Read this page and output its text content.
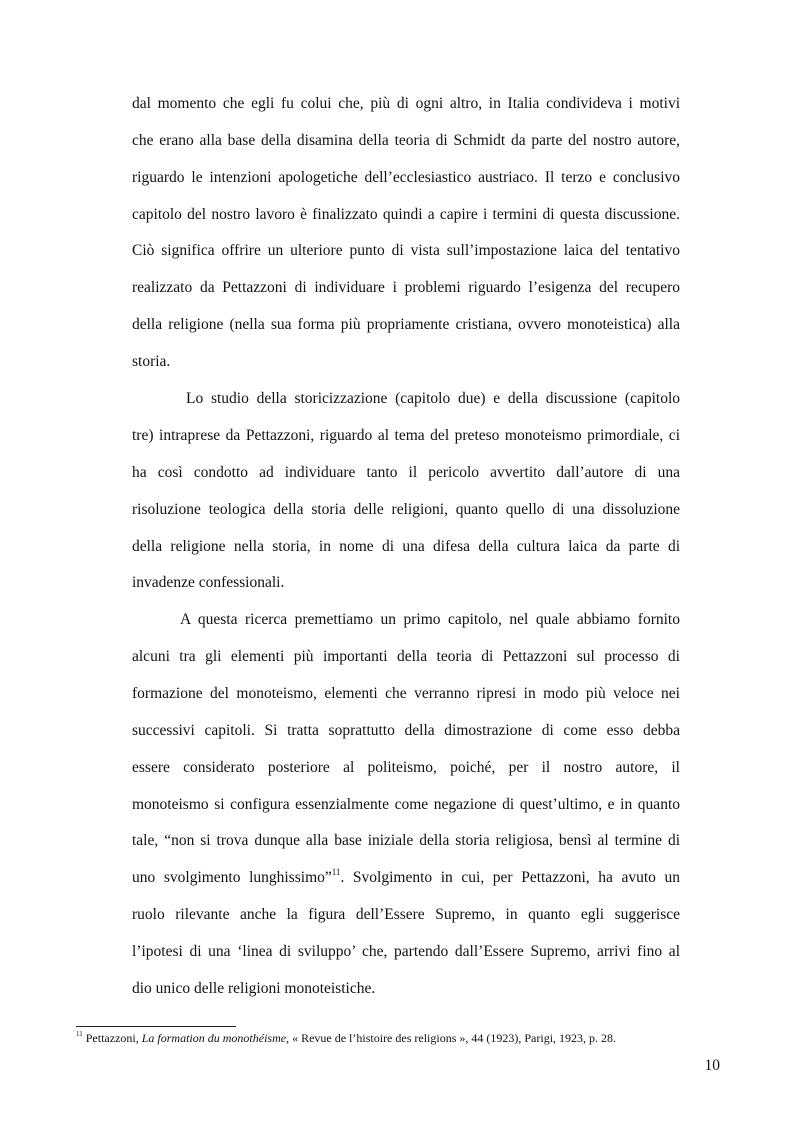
dal momento che egli fu colui che, più di ogni altro, in Italia condivideva i motivi
che erano alla base della disamina della teoria di Schmidt da parte del nostro autore,
riguardo le intenzioni apologetiche dell’ecclesiastico austriaco. Il terzo e conclusivo
capitolo del nostro lavoro è finalizzato quindi a capire i termini di questa discussione.
Ciò significa offrire un ulteriore punto di vista sull’impostazione laica del tentativo
realizzato da Pettazzoni di individuare i problemi riguardo l’esigenza del recupero
della religione (nella sua forma più propriamente cristiana, ovvero monoteistica) alla
storia.
Lo studio della storicizzazione (capitolo due) e della discussione (capitolo
tre) intraprese da Pettazzoni, riguardo al tema del preteso monoteismo primordiale, ci
ha così condotto ad individuare tanto il pericolo avvertito dall’autore di una
risoluzione teologica della storia delle religioni, quanto quello di una dissoluzione
della religione nella storia, in nome di una difesa della cultura laica da parte di
invadenze confessionali.
A questa ricerca premettiamo un primo capitolo, nel quale abbiamo fornito
alcuni tra gli elementi più importanti della teoria di Pettazzoni sul processo di
formazione del monoteismo, elementi che verranno ripresi in modo più veloce nei
successivi capitoli. Si tratta soprattutto della dimostrazione di come esso debba
essere considerato posteriore al politeismo, poiché, per il nostro autore, il
monoteismo si configura essenzialmente come negazione di quest’ultimo, e in quanto
tale, “non si trova dunque alla base iniziale della storia religiosa, bensì al termine di
uno svolgimento lunghissimo”$^{11}$. Svolgimento in cui, per Pettazzoni, ha avuto un
ruolo rilevante anche la figura dell’Essere Supremo, in quanto egli suggerisce
l’ipotesi di una ‘linea di sviluppo’ che, partendo dall’Essere Supremo, arrivi fino al
dio unico delle religioni monoteistiche.
$^{11}$ Pettazzoni, La formation du monothéisme, « Revue de l’histoire des religions », 44 (1923), Parigi, 1923, p. 28.
10
